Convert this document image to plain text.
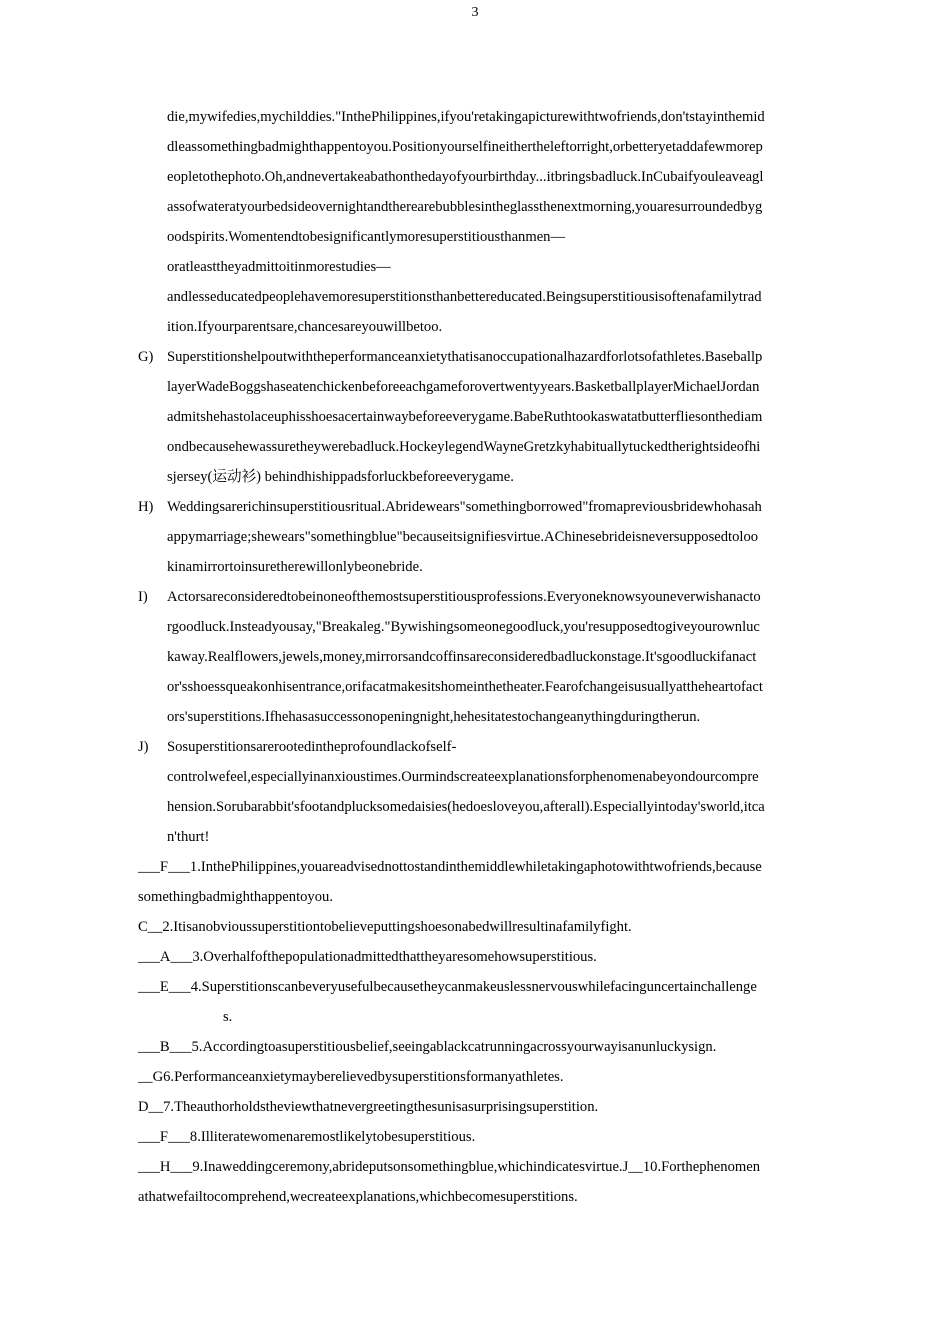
3
die,mywifedies,mychilddies."InthePhilippines,ifyou'retakingapicturewithtwofriends,don'tstayinthemid
dleassomethingbadmighthappentoyou.Positionyourselfineithertheleftorright,orbetteryetaddafewmorep
eopletothephoto.Oh,andnevertakeabathonthedayofyourbirthday...itbringsbadluck.InCubaifyouleaveagl
assofwateratyourbedsideovernightandtherearebubblesintheglassthenextmorning,youaresurroundedbyg
oodspirits.Womentendtobesignificantlymoresuperstitiousthanmen—
oratleasttheyadmittoitinmorestudies—
andlesseducatedpeoplehavemoresuperstitionsthanbettereducated.Beingsuperstitiousisoftenafamilytrad
ition.Ifyourparentsare,chancesareyouwillbetoo.
G) Superstitionshelpoutwiththeperformanceanxietythatisanoccupationalhazardforlotsofathletes.Baseballp
layerWadeBoggshaseatenchickenbeforeeachgameforovertwentyyears.BasketballplayerMichaelJordan
admitshehastolaceuphisshoesacertainwaybeforeeverygame.BabeRuthtookaswatatbutterfliesonthediam
ondbecausehewassuretheywerebadluck.HockeylegendWayneGretzkyhabituallytuckedtherightsideofhi
sjersey(运动衫) behindhishippadsforluckbeforeeverygame.
H) Weddingsarerichinsuperstitiousritual.Abridewears"somethingborrowed"fromapreviousbridewhohasah
appymarriage;shewears"somethingblue"becauseitsignifiesvirtue.AChinesebrideisneversupposedtoloo
kinamirrortoinsuretherewillonlybeonebride.
I) Actorsareconsideredtobeinoneofthemostsuperstitiousprofessions.Everyoneknowsyouneverwishanacto
rgoodluck.Insteadyousay,"Breakaleg."Bywishingsomeonegoodluck,you'resupposedtogiveyourownluc
kaway.Realflowers,jewels,money,mirrorsandcoffinsareconsideredbadluckonstage.It'sgoodluckifanact
or'sshoessqueakonhisentrance,orifacatmakesitshomeinthetheater.Fearofchangeisusuallyattheheartofact
ors'superstitions.Ifhehasasuccessonopeningnight,hehesitatestochangeanythingduringtherun.
J) Sosuperstitionsarerootedintheprofoundlackofself-
controlwefeel,especiallyinanxioustimes.Ourmindscreateexplanationsforphenomenabeyondourcompre
hension.Sorubarabbit'sfootandplucksomedaisies(hedoesloveyou,afterall).Especiallyintoday'sworld,itca
n'thurt!
___F___1.InthePhilippines,youareadvisednottostandinthemiddlewhiletakingaphotowithtwofriends,because
somethingbadmighthappentoyou.
C__2.Itisanobvioussuperstitiontobelieveputtingshoesonabedwillresultinafamilyfight.
___A___3.Overhalfofthepopulationadmittedthattheyaresomehowsuperstitious.
___E___4.Superstitionscanbeveryusefulbecausetheycanmakeuslessnervouswhilefacinguncertainchallenge
s.
___B___5.Accordingtoasuperstitiousbelief,seeingablackcatrunningacrossyourwayisanunluckysign.
__G6.Performanceanxietymayberelievedbysuperstitionsformanyathletes.
D__7.Theauthorholdstheviewthatnevergreetingthesunisasurprisingsuperstition.
___F___8.Illiteratewomenaremostlikelytobesuperstitious.
___H___9.Inaweddingceremony,abrideputsonsomethingblue,whichindicatesvirtue.J__10.Forthephenomen
athatwefailtocomprehend,wecreateexplanations,whichbecomesuperstitions.
